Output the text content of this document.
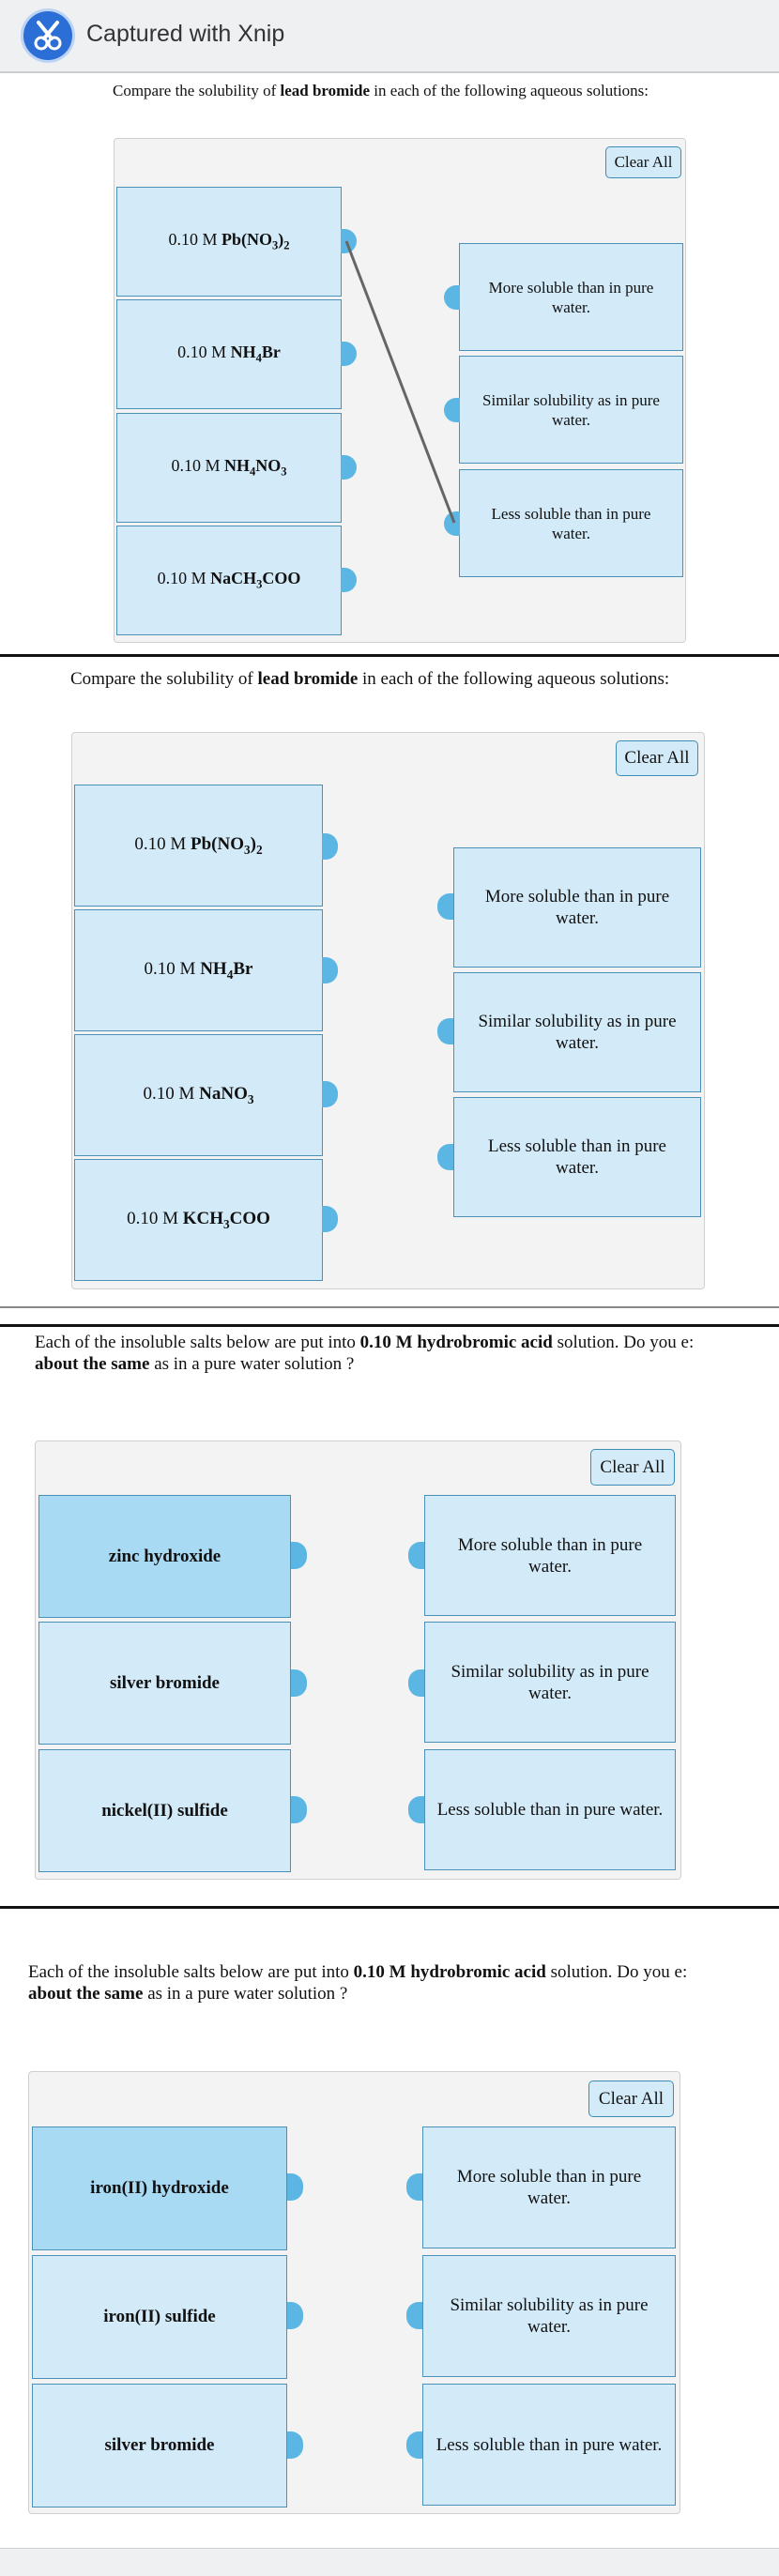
Captured with Xnip
Compare the solubility of lead bromide in each of the following aqueous solutions:
Clear All
0.10 M $Pb(NO_3)_2$
0.10 M $NH_4Br$
0.10 M $NH_4NO_3$
0.10 M NaCH$_3$COO
More soluble than in pure water.
Similar solubility as in pure water.
Less soluble than in pure water.
Compare the solubility of lead bromide in each of the following aqueous solutions:
Clear All
0.10 M $Pb(NO_3)_2$
0.10 M $NH_4Br$
0.10 M NaNO$_3$
0.10 M $KCH_3COO$
More soluble than in pure water.
Similar solubility as in pure water.
Less soluble than in pure water.
Each of the insoluble salts below are put into 0.10 M hydrobromic acid solution. Do you e:
about the same as in a pure water solution ?
Clear All
zinc hydroxide
silver bromide
nickel(II) sulfide
More soluble than in pure water.
Similar solubility as in pure water.
Less soluble than in pure water.
Each of the insoluble salts below are put into 0.10 M hydrobromic acid solution. Do you e:
about the same as in a pure water solution ?
Clear All
iron(II) hydroxide
iron(II) sulfide
silver bromide
More soluble than in pure water.
Similar solubility as in pure water.
Less soluble than in pure water.
